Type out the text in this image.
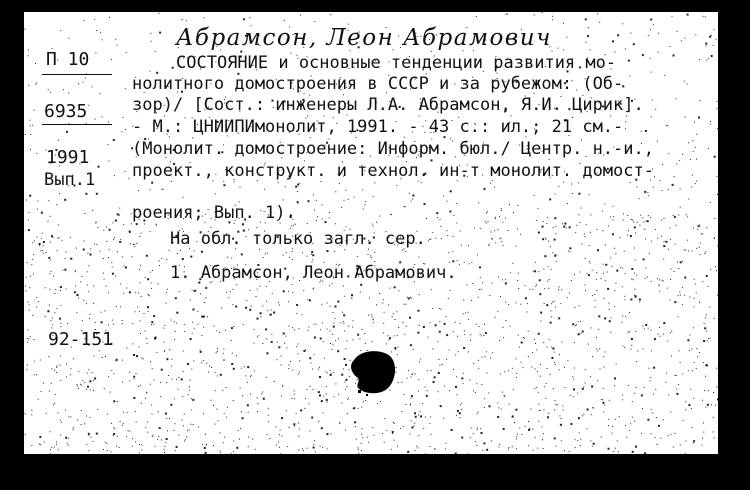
Абрамсон, Леон Абрамович
П 10
6935
1991
Вып.1
СОСТОЯНИЕ и основные тенденции развития мо-
нолитного домостроения в СССР и за рубежом: (Об-
зор)/ [Сост.: инженеры Л.А. Абрамсон, Я.И. Цирик].
- М.: ЦНИИПИмонолит, 1991. - 43 с.: ил.; 21 см.-
(Монолит. домостроение: Информ. бюл./ Центр. н.-и.,
проект., конструкт. и технол. ин-т монолит. домост-
роения; Вып. 1).
На обл. только загл. сер.
1. Абрамсон, Леон Абрамович.
92-151
